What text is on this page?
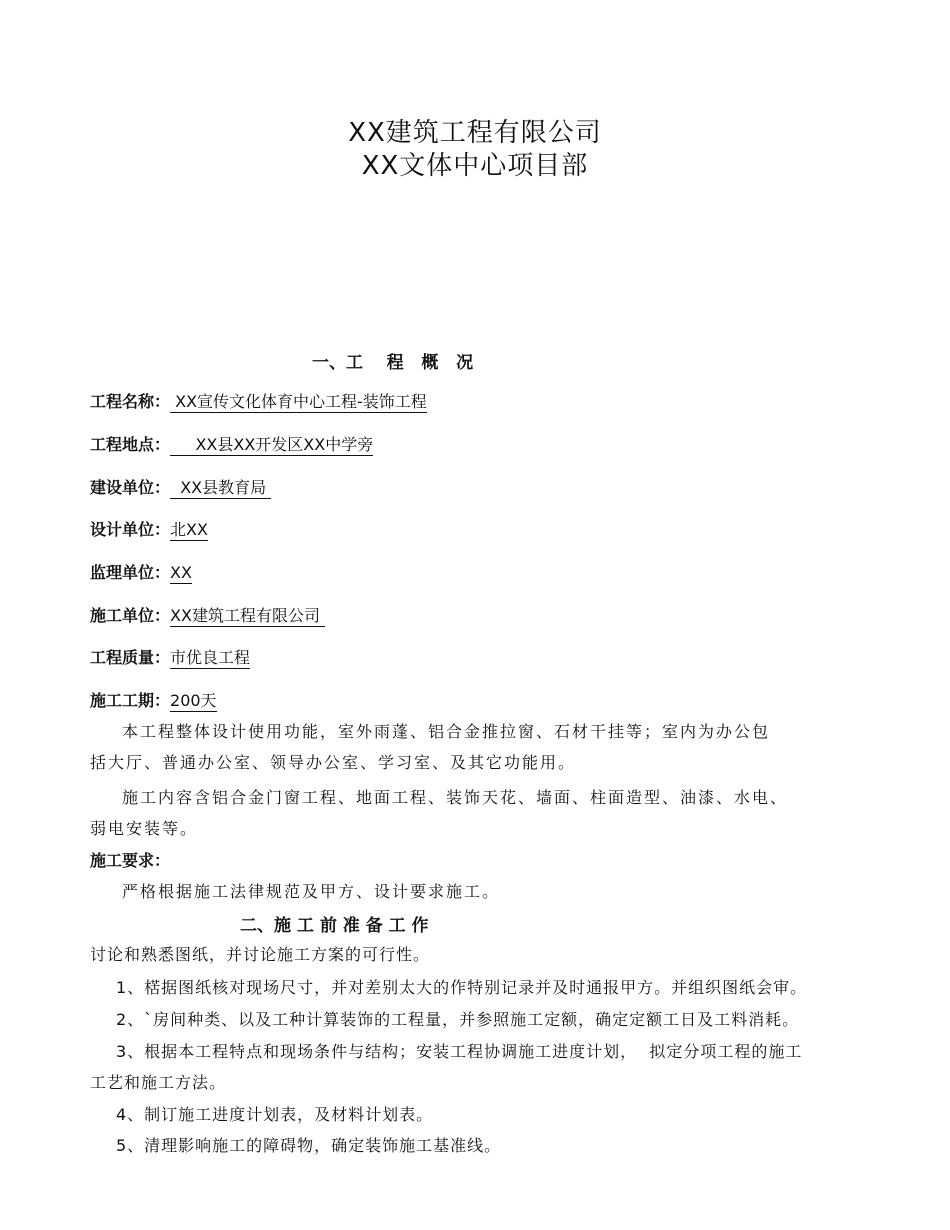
XX建筑工程有限公司
XX文体中心项目部
一、工    程   概   况
工程名称： XX宣传文化体育中心工程-装饰工程
工程地点：     XX县XX开发区XX中学旁
建设单位：  XX县教育局
设计单位：北XX
监理单位：XX
施工单位：XX建筑工程有限公司
工程质量：市优良工程
施工工期：200天
本工程整体设计使用功能，室外雨蓬、铝合金推拉窗、石材干挂等；室内为办公包
括大厅、普通办公室、领导办公室、学习室、及其它功能用。
施工内容含铝合金门窗工程、地面工程、装饰天花、墙面、柱面造型、油漆、水电、
弱电安装等。
施工要求：
严格根据施工法律规范及甲方、设计要求施工。
二、施 工 前 准 备 工 作
讨论和熟悉图纸，并讨论施工方案的可行性。
1、楛据图纸核对现场尺寸，并对差别太大的作特别记录并及时通报甲方。并组织图纸会审。
2、`房间种类、以及工种计算装饰的工程量，并参照施工定额，确定定额工日及工料消耗。
3、根据本工程特点和现场条件与结构；安装工程协调施工进度计划，  拟定分项工程的施工
工艺和施工方法。
4、制订施工进度计划表，及材料计划表。
5、清理影响施工的障碍物，确定装饰施工基准线。
